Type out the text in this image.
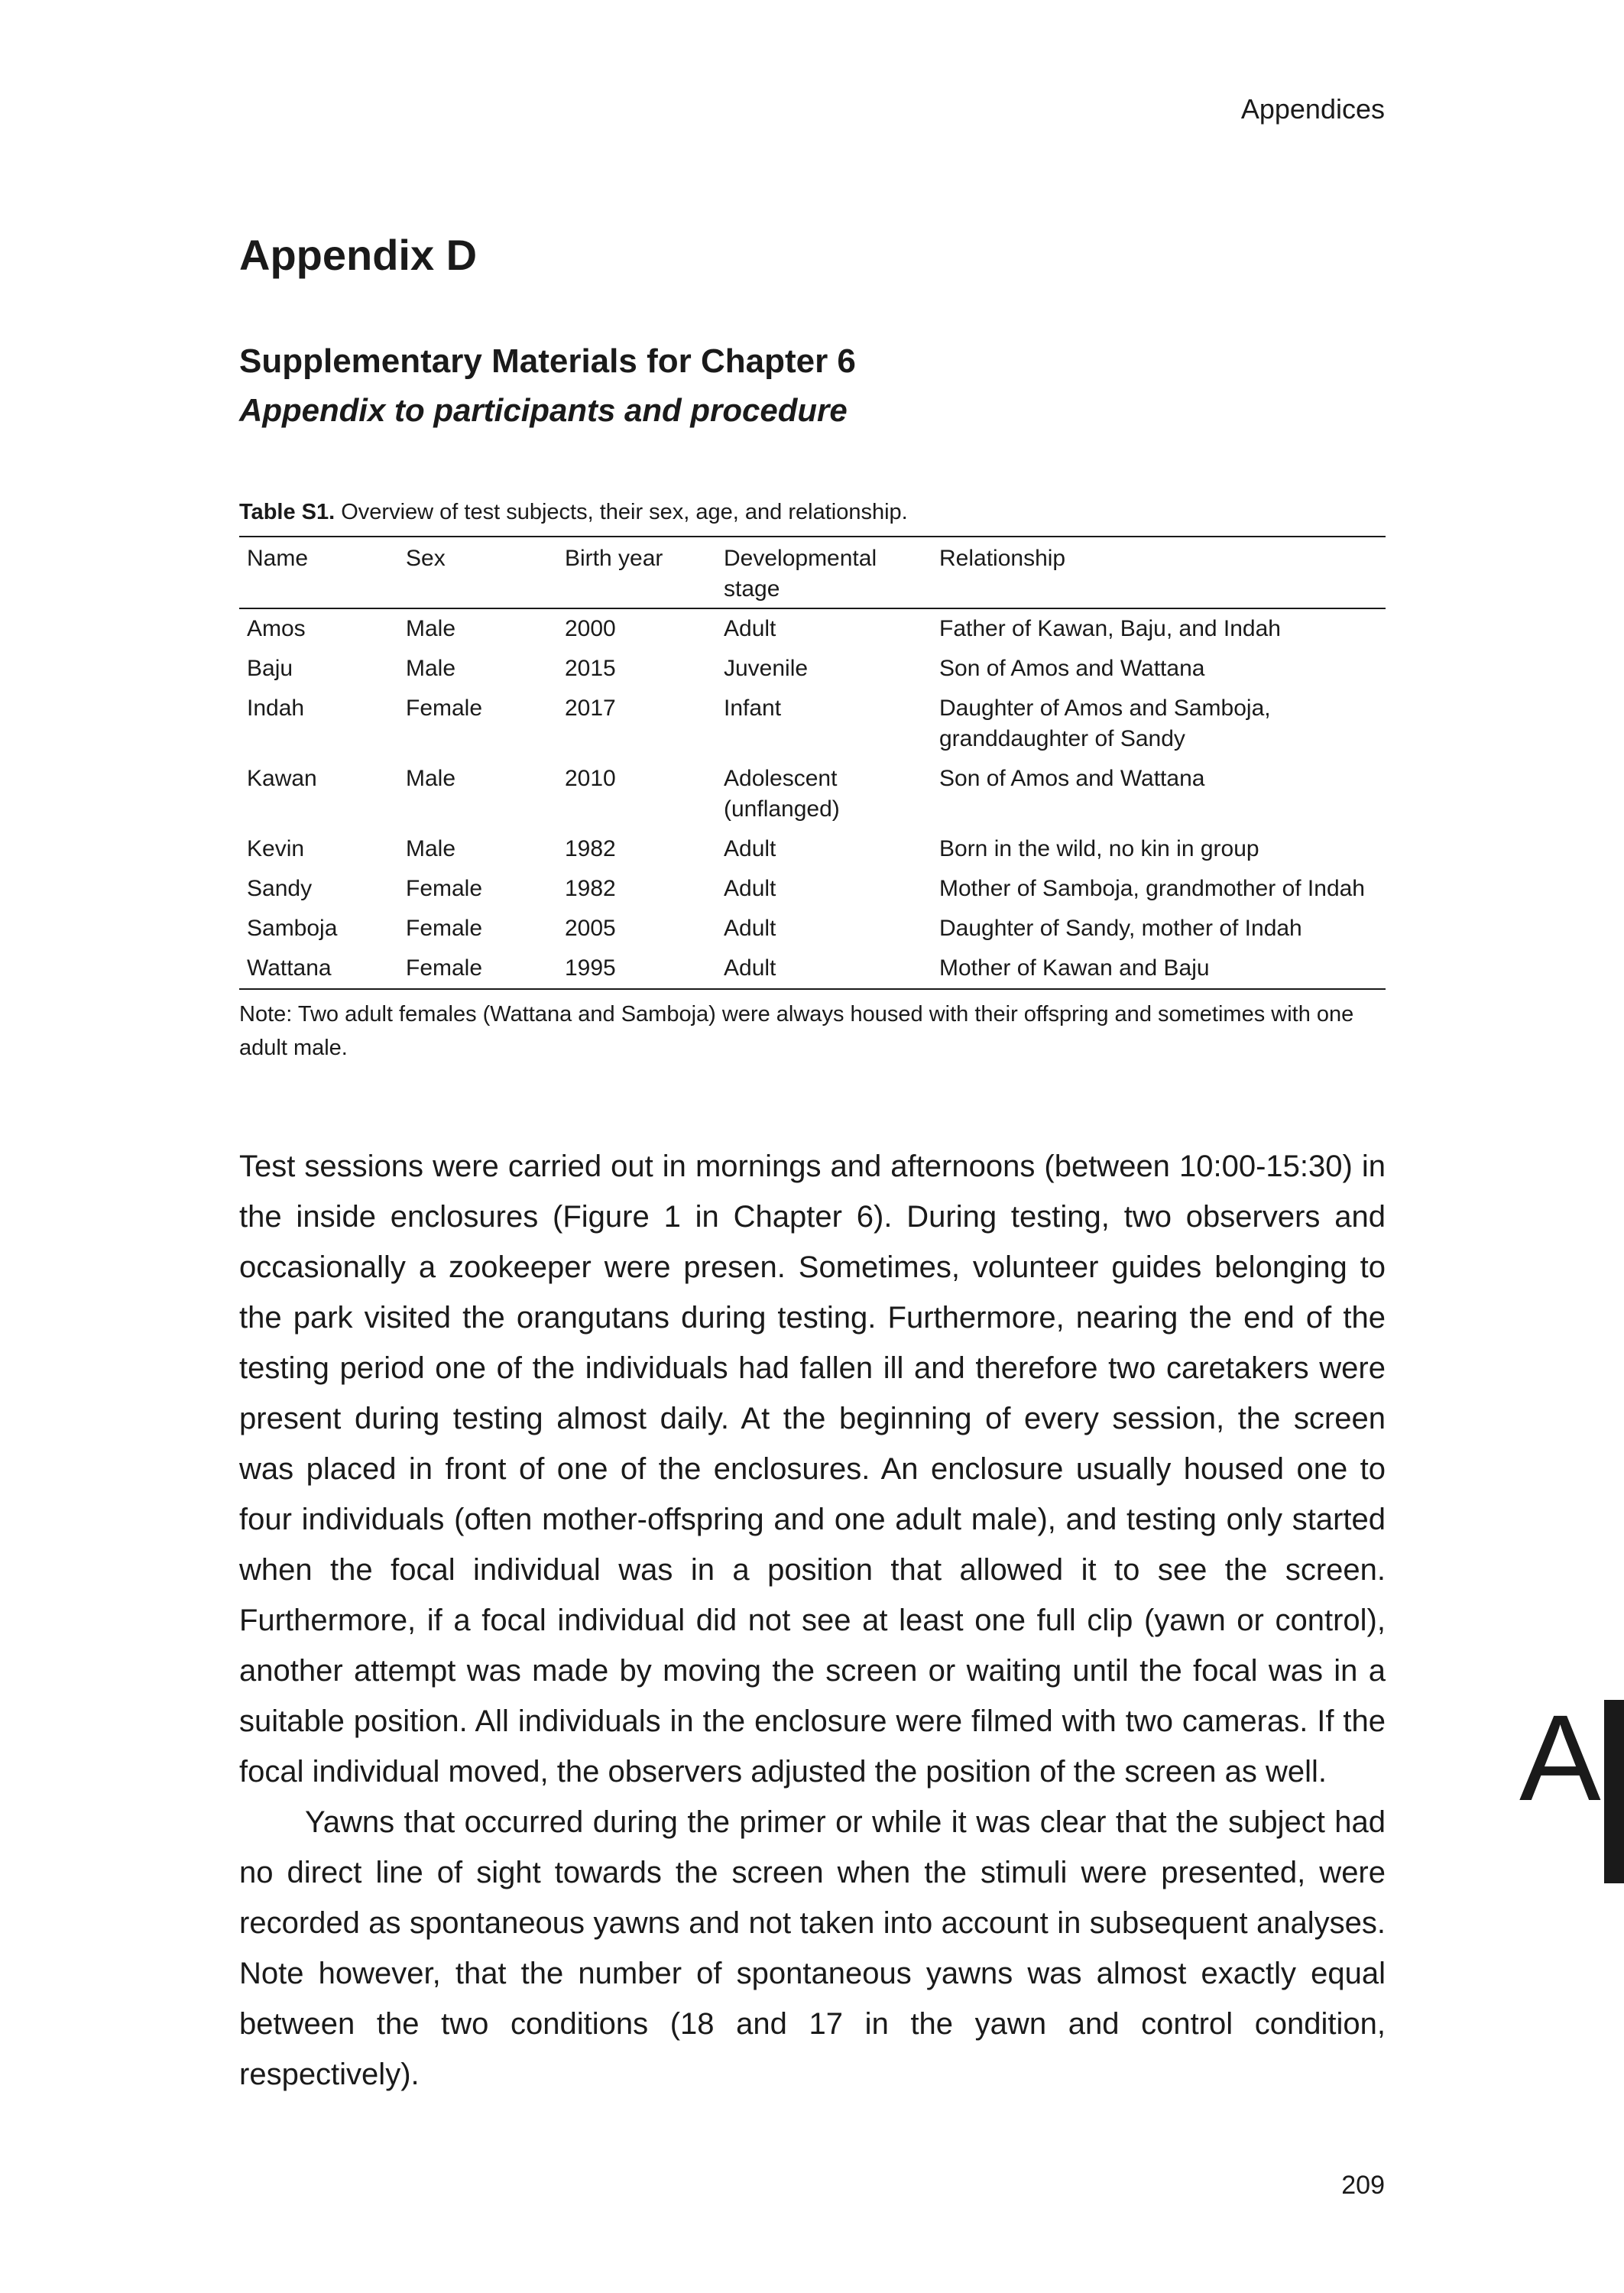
Appendices
Appendix D
Supplementary Materials for Chapter 6
Appendix to participants and procedure
Table S1. Overview of test subjects, their sex, age, and relationship.
Name	Sex	Birth year	Developmental stage	Relationship
Amos	Male	2000	Adult	Father of Kawan, Baju, and Indah
Baju	Male	2015	Juvenile	Son of Amos and Wattana
Indah	Female	2017	Infant	Daughter of Amos and Samboja, granddaughter of Sandy
Kawan	Male	2010	Adolescent (unflanged)	Son of Amos and Wattana
Kevin	Male	1982	Adult	Born in the wild, no kin in group
Sandy	Female	1982	Adult	Mother of Samboja, grandmother of Indah
Samboja	Female	2005	Adult	Daughter of Sandy, mother of Indah
Wattana	Female	1995	Adult	Mother of Kawan and Baju
Note: Two adult females (Wattana and Samboja) were always housed with their offspring and sometimes with one adult male.

Test sessions were carried out in mornings and afternoons (between 10:00-15:30) in the inside enclosures (Figure 1 in Chapter 6). During testing, two observers and occasionally a zookeeper were presen. Sometimes, volunteer guides belonging to the park visited the orangutans during testing. Furthermore, nearing the end of the testing period one of the individuals had fallen ill and therefore two caretakers were present during testing almost daily. At the beginning of every session, the screen was placed in front of one of the enclosures. An enclosure usually housed one to four individuals (often mother-offspring and one adult male), and testing only started when the focal individual was in a position that allowed it to see the screen. Furthermore, if a focal individual did not see at least one full clip (yawn or control), another attempt was made by moving the screen or waiting until the focal was in a suitable position. All individuals in the enclosure were filmed with two cameras. If the focal individual moved, the observers adjusted the position of the screen as well.

Yawns that occurred during the primer or while it was clear that the subject had no direct line of sight towards the screen when the stimuli were presented, were recorded as spontaneous yawns and not taken into account in subsequent analyses. Note however, that the number of spontaneous yawns was almost exactly equal between the two conditions (18 and 17 in the yawn and control condition, respectively).

A
209
